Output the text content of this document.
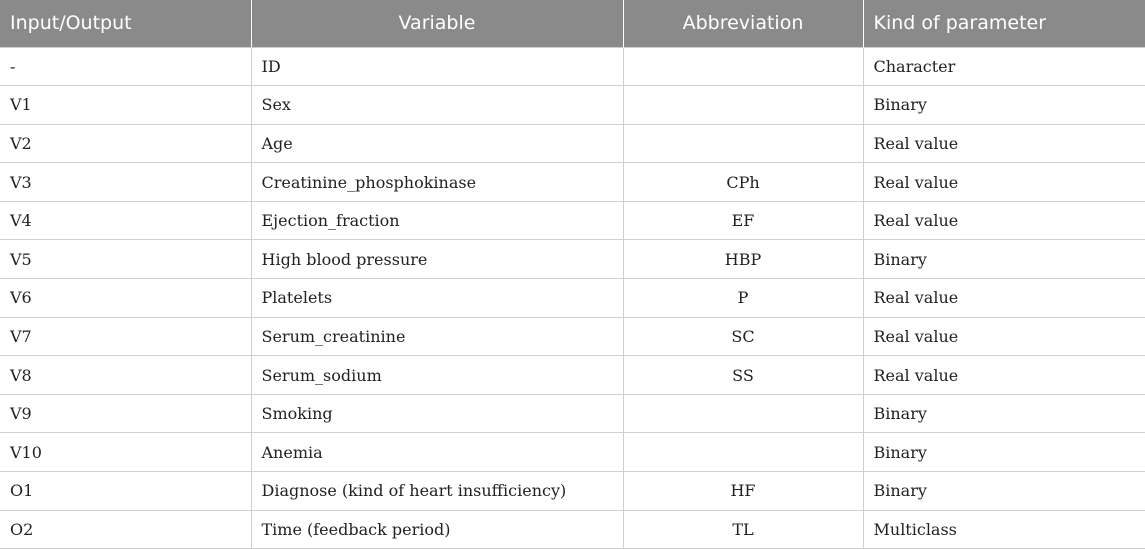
Input/Output	Variable	Abbreviation	Kind of parameter
-	ID		Character
V1	Sex		Binary
V2	Age		Real value
V3	Creatinine_phosphokinase	CPh	Real value
V4	Ejection_fraction	EF	Real value
V5	High blood pressure	HBP	Binary
V6	Platelets	P	Real value
V7	Serum_creatinine	SC	Real value
V8	Serum_sodium	SS	Real value
V9	Smoking		Binary
V10	Anemia		Binary
O1	Diagnose (kind of heart insufficiency)	HF	Binary
O2	Time (feedback period)	TL	Multiclass
